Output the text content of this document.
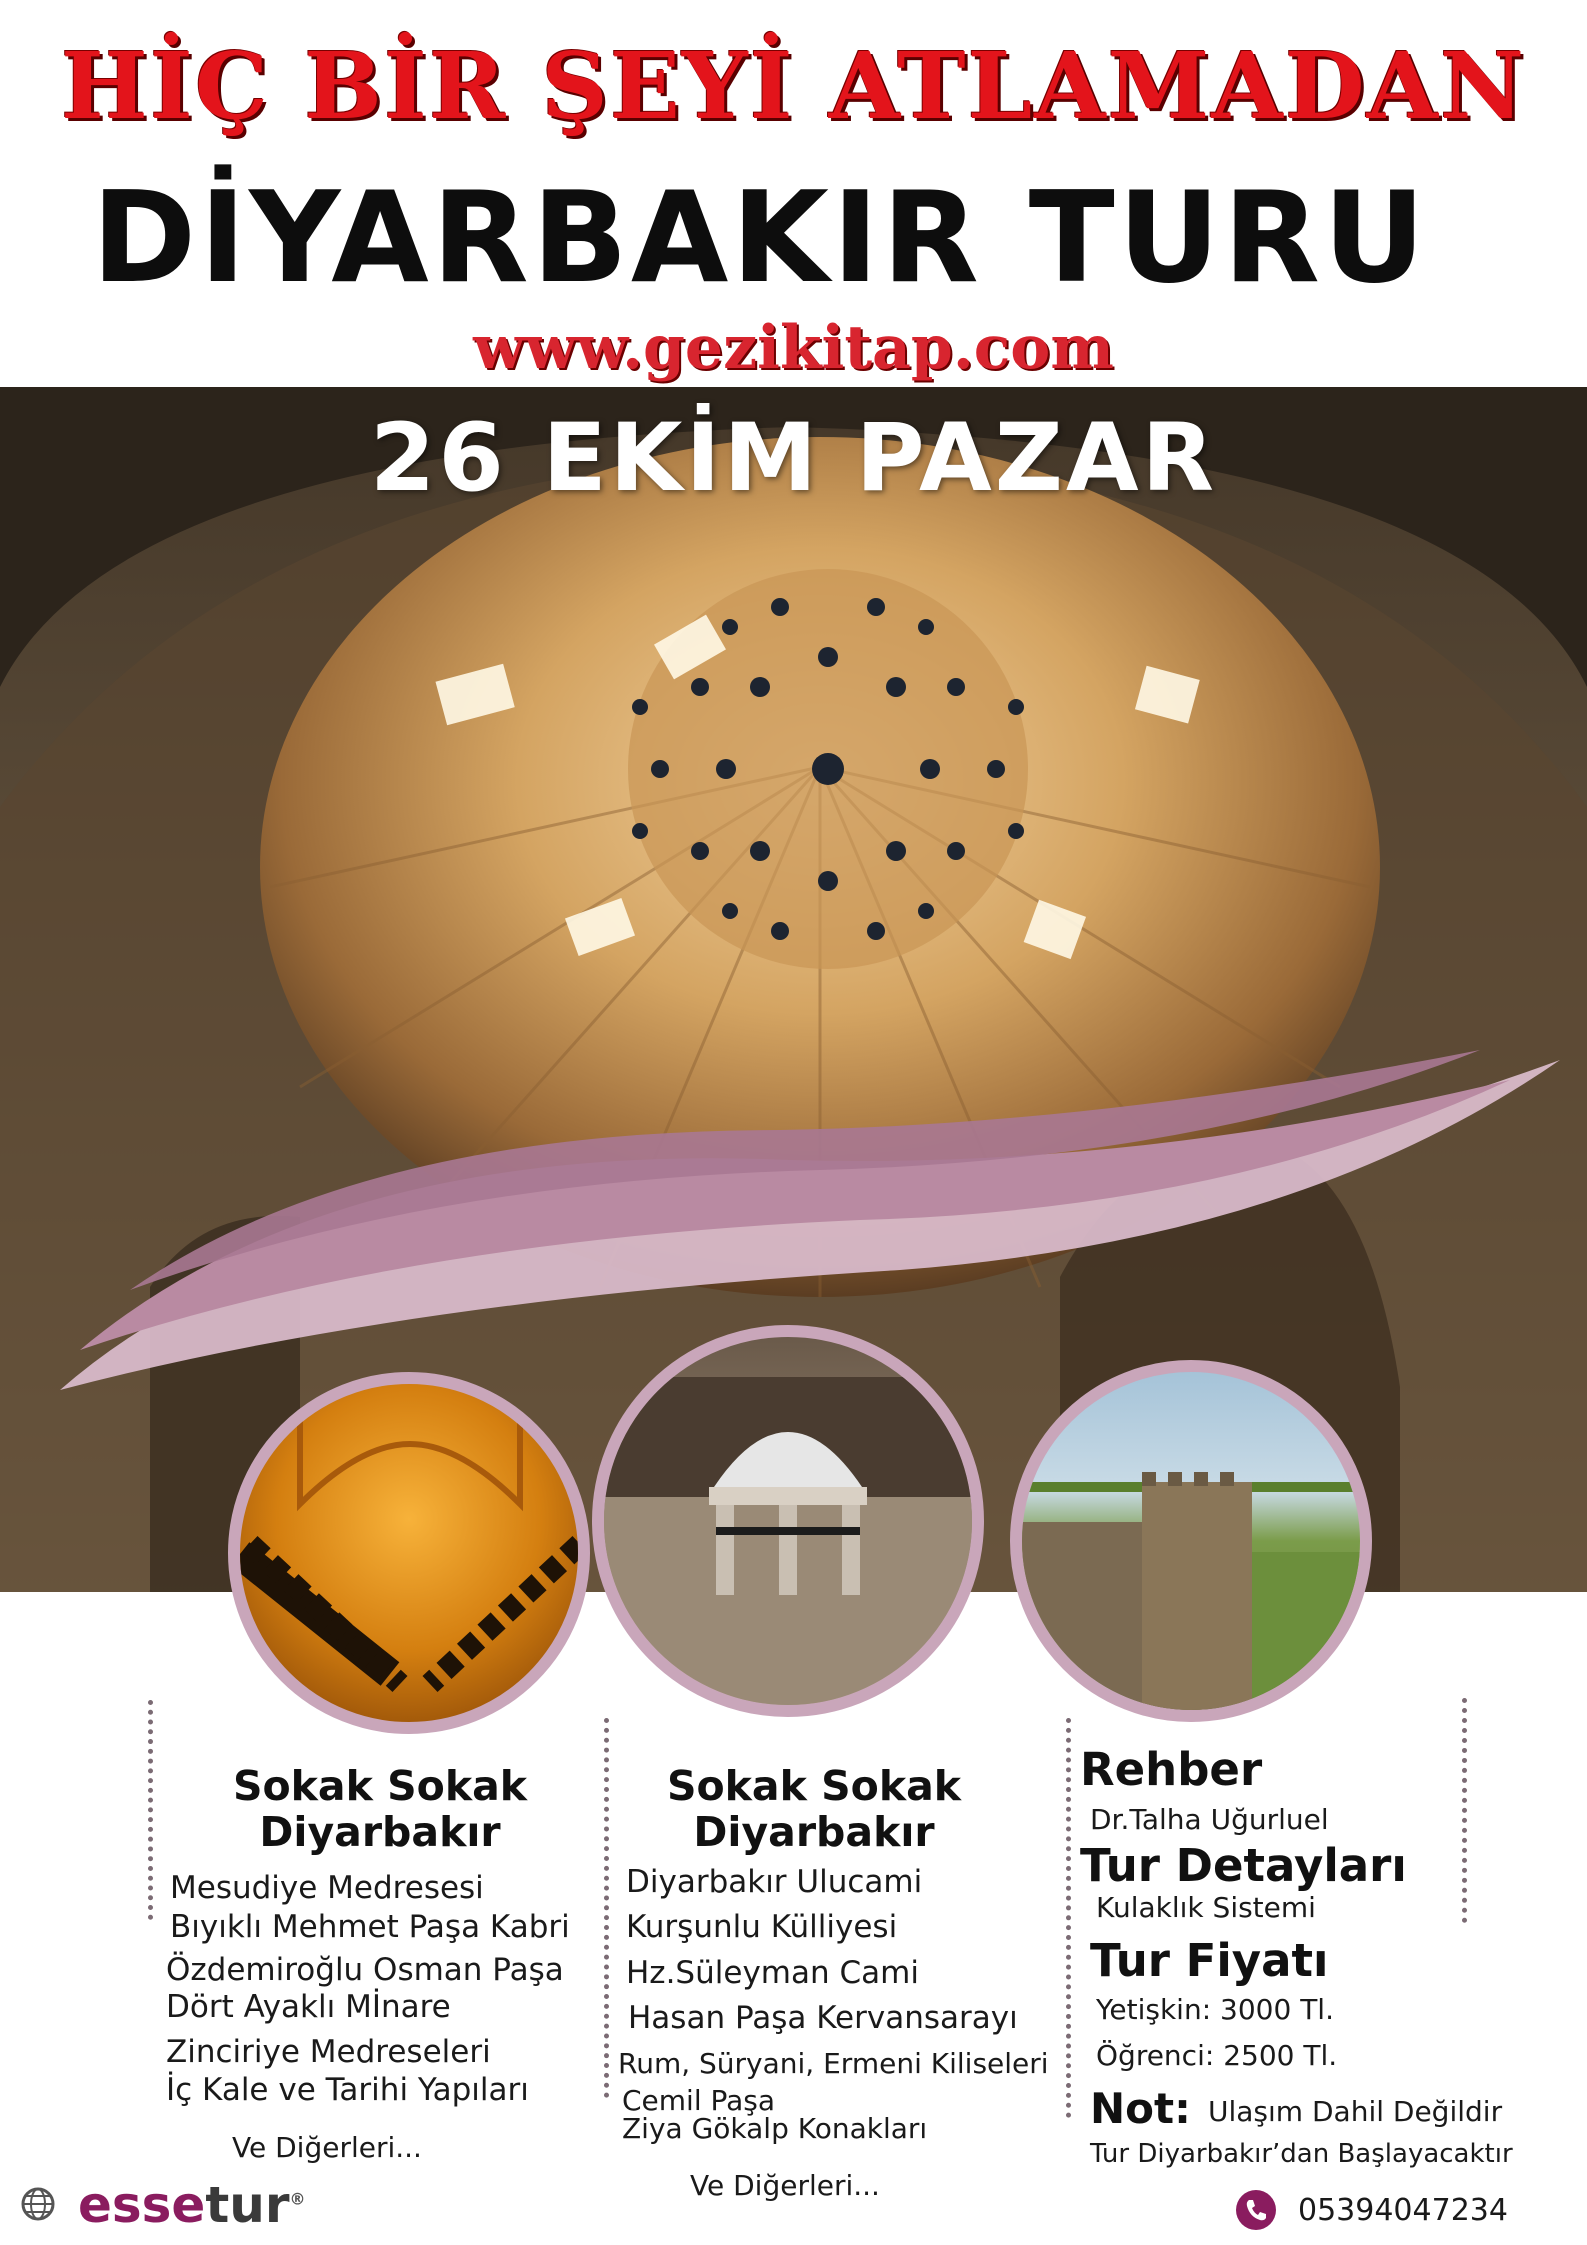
HİÇ BİR ŞEYİ ATLAMADAN
DİYARBAKIR TURU
www.gezikitap.com
26 EKİM PAZAR
Sokak Sokak Diyarbakır
Mesudiye Medresesi
Bıyıklı Mehmet Paşa Kabri
Özdemiroğlu Osman Paşa
Dört Ayaklı Mİnare
Zinciriye Medreseleri
İç Kale ve Tarihi Yapıları
Ve Diğerleri...
Sokak Sokak Diyarbakır
Diyarbakır Ulucami
Kurşunlu Külliyesi
Hz.Süleyman Cami
Hasan Paşa Kervansarayı
Rum, Süryani, Ermeni Kiliseleri
Cemil Paşa
Ziya Gökalp Konakları
Ve Diğerleri...
Rehber
Dr.Talha Uğurluel
Tur Detayları
Kulaklık Sistemi
Tur Fiyatı
Yetişkin: 3000 Tl.
Öğrenci: 2500 Tl.
Not: Ulaşım Dahil Değildir
Tur Diyarbakır’dan Başlayacaktır
essetur®	05394047234
